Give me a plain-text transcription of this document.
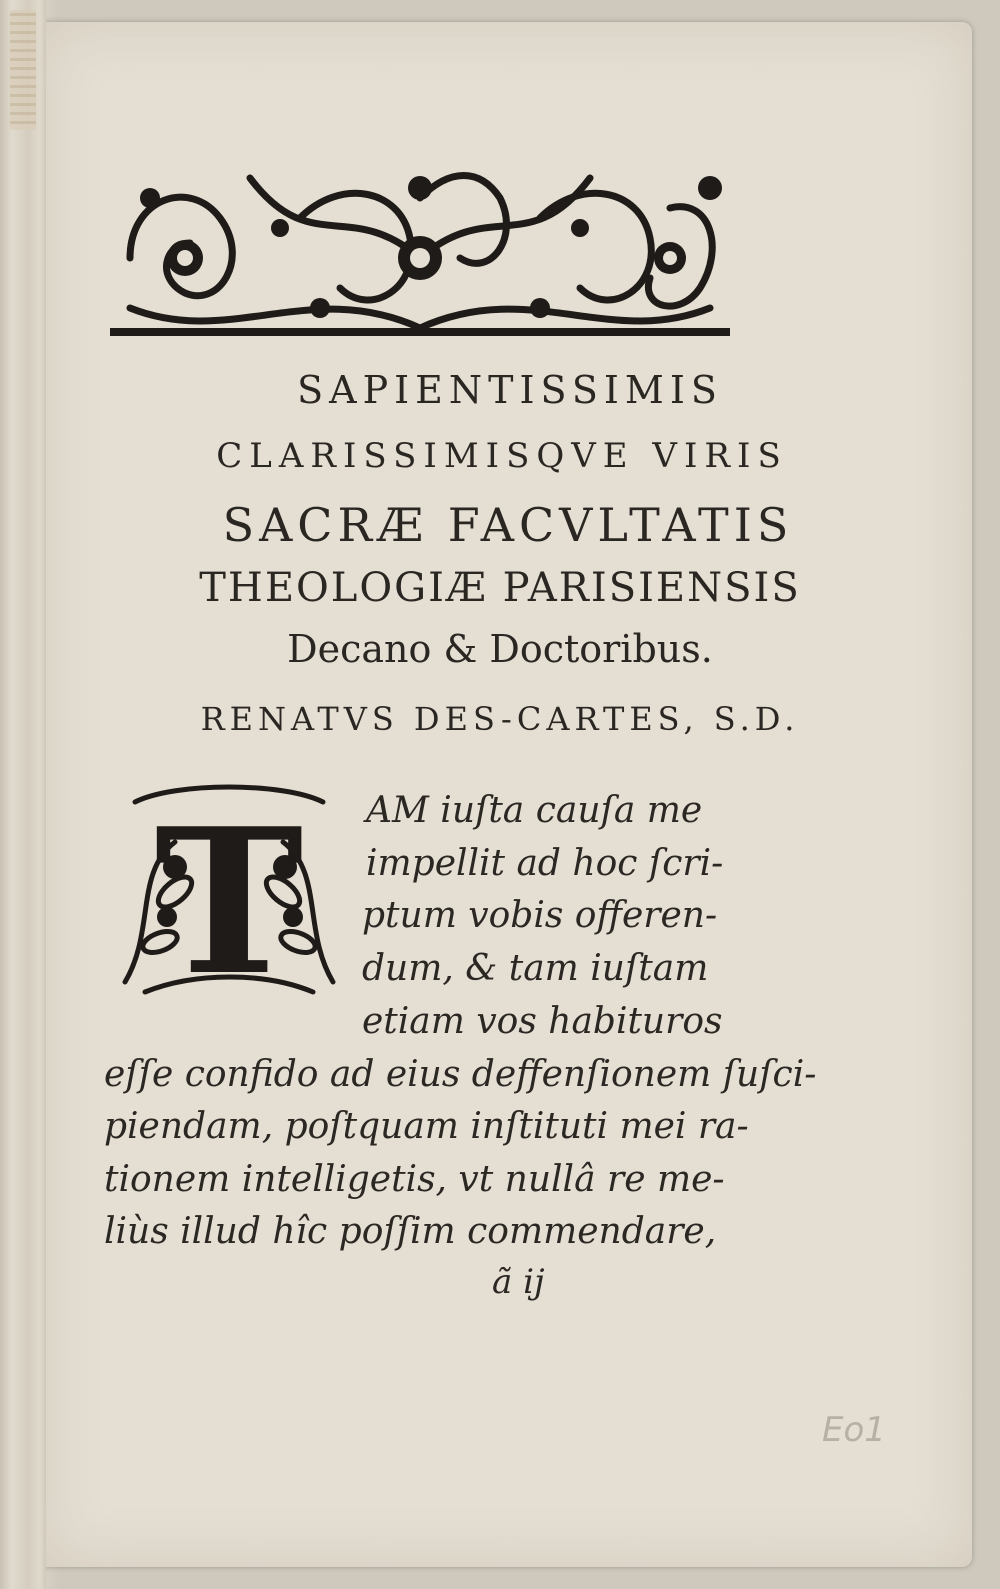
SAPIENTISSIMIS
CLARISSIMISQVE VIRIS
SACRÆ FACVLTATIS
THEOLOGIÆ PARISIENSIS
Decano & Doctoribus.
RENATVS DES-CARTES, S.D.
T AM iuſta cauſa me
impellit ad hoc ſcri-
ptum vobis offeren-
dum, & tam iuſtam
etiam vos habituros
eſſe confido ad eius deffenſionem ſuſci-
piendam, poſtquam inſtituti mei ra-
tionem intelligetis, vt nullâ re me-
liùs illud hîc poſſim commendare,
ã ij
Eo1
